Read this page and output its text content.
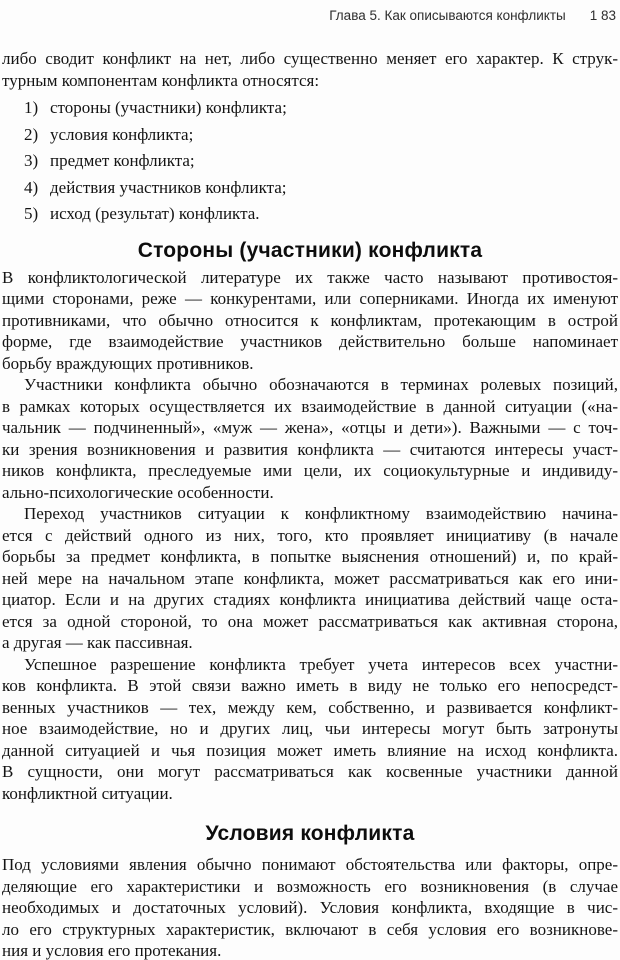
Глава 5. Как описываются конфликты 1 83
либо сводит конфликт на нет, либо существенно меняет его характер. К струк-
турным компонентам конфликта относятся:
1) стороны (участники) конфликта;
2) условия конфликта;
3) предмет конфликта;
4) действия участников конфликта;
5) исход (результат) конфликта.
Стороны (участники) конфликта
В конфликтологической литературе их также часто называют противостоя-
щими сторонами, реже — конкурентами, или соперниками. Иногда их именуют
противниками, что обычно относится к конфликтам, протекающим в острой
форме, где взаимодействие участников действительно больше напоминает
борьбу враждующих противников.
Участники конфликта обычно обозначаются в терминах ролевых позиций,
в рамках которых осуществляется их взаимодействие в данной ситуации («на-
чальник — подчиненный», «муж — жена», «отцы и дети»). Важными — с точ-
ки зрения возникновения и развития конфликта — считаются интересы участ-
ников конфликта, преследуемые ими цели, их социокультурные и индивиду-
ально-психологические особенности.
Переход участников ситуации к конфликтному взаимодействию начина-
ется с действий одного из них, того, кто проявляет инициативу (в начале
борьбы за предмет конфликта, в попытке выяснения отношений) и, по край-
ней мере на начальном этапе конфликта, может рассматриваться как его ини-
циатор. Если и на других стадиях конфликта инициатива действий чаще оста-
ется за одной стороной, то она может рассматриваться как активная сторона,
а другая — как пассивная.
Успешное разрешение конфликта требует учета интересов всех участни-
ков конфликта. В этой связи важно иметь в виду не только его непосредст-
венных участников — тех, между кем, собственно, и развивается конфликт-
ное взаимодействие, но и других лиц, чьи интересы могут быть затронуты
данной ситуацией и чья позиция может иметь влияние на исход конфликта.
В сущности, они могут рассматриваться как косвенные участники данной
конфликтной ситуации.
Условия конфликта
Под условиями явления обычно понимают обстоятельства или факторы, опре-
деляющие его характеристики и возможность его возникновения (в случае
необходимых и достаточных условий). Условия конфликта, входящие в чис-
ло его структурных характеристик, включают в себя условия его возникнове-
ния и условия его протекания.
